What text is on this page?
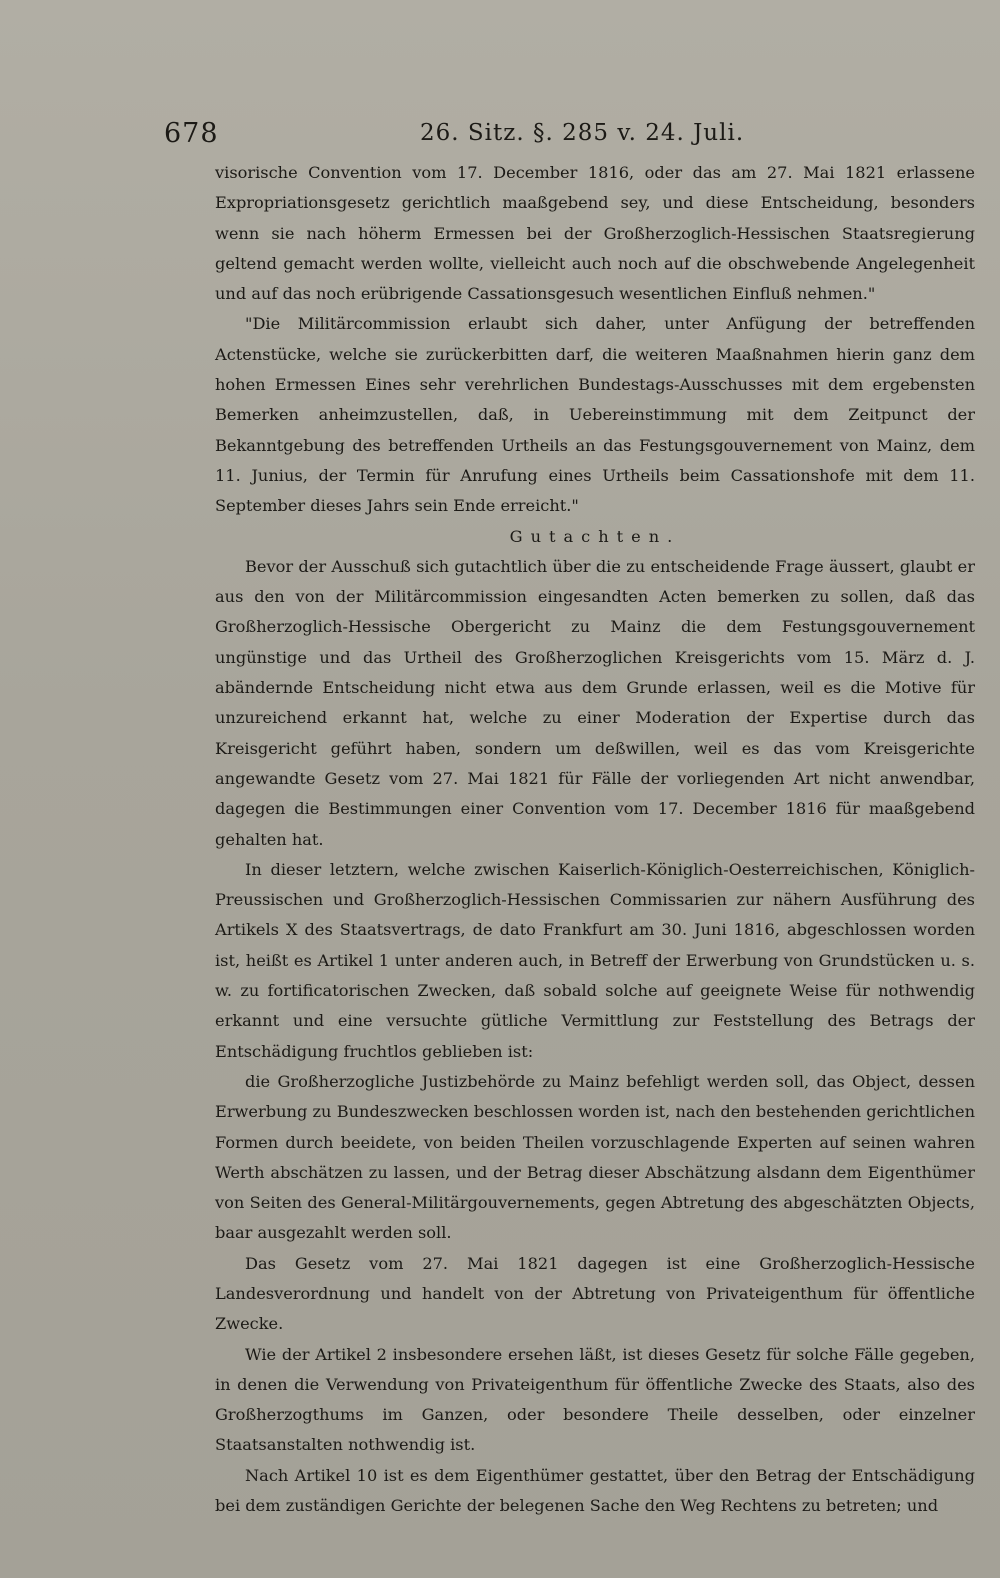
678	26. Sitz. §. 285 v. 24. Juli.

visorische Convention vom 17. December 1816, oder das am 27. Mai 1821 erlassene Expropriationsgesetz gerichtlich maaßgebend sey, und diese Entscheidung, besonders wenn sie nach höherm Ermessen bei der Großherzoglich-Hessischen Staatsregierung geltend gemacht werden wollte, vielleicht auch noch auf die obschwebende Angelegenheit und auf das noch erübrigende Cassationsgesuch wesentlichen Einfluß nehmen."

"Die Militärcommission erlaubt sich daher, unter Anfügung der betreffenden Actenstücke, welche sie zurückerbitten darf, die weiteren Maaßnahmen hierin ganz dem hohen Ermessen Eines sehr verehrlichen Bundestags-Ausschusses mit dem ergebensten Bemerken anheimzustellen, daß, in Uebereinstimmung mit dem Zeitpunct der Bekanntgebung des betreffenden Urtheils an das Festungsgouvernement von Mainz, dem 11. Junius, der Termin für Anrufung eines Urtheils beim Cassationshofe mit dem 11. September dieses Jahrs sein Ende erreicht."

Gutachten.

Bevor der Ausschuß sich gutachtlich über die zu entscheidende Frage äussert, glaubt er aus den von der Militärcommission eingesandten Acten bemerken zu sollen, daß das Großherzoglich-Hessische Obergericht zu Mainz die dem Festungsgouvernement ungünstige und das Urtheil des Großherzoglichen Kreisgerichts vom 15. März d. J. abändernde Entscheidung nicht etwa aus dem Grunde erlassen, weil es die Motive für unzureichend erkannt hat, welche zu einer Moderation der Expertise durch das Kreisgericht geführt haben, sondern um deßwillen, weil es das vom Kreisgerichte angewandte Gesetz vom 27. Mai 1821 für Fälle der vorliegenden Art nicht anwendbar, dagegen die Bestimmungen einer Convention vom 17. December 1816 für maaßgebend gehalten hat.

In dieser letztern, welche zwischen Kaiserlich-Königlich-Oesterreichischen, Königlich-Preussischen und Großherzoglich-Hessischen Commissarien zur nähern Ausführung des Artikels X des Staatsvertrags, de dato Frankfurt am 30. Juni 1816, abgeschlossen worden ist, heißt es Artikel 1 unter anderen auch, in Betreff der Erwerbung von Grundstücken u. s. w. zu fortificatorischen Zwecken, daß sobald solche auf geeignete Weise für nothwendig erkannt und eine versuchte gütliche Vermittlung zur Feststellung des Betrags der Entschädigung fruchtlos geblieben ist:

die Großherzogliche Justizbehörde zu Mainz befehligt werden soll, das Object, dessen Erwerbung zu Bundeszwecken beschlossen worden ist, nach den bestehenden gerichtlichen Formen durch beeidete, von beiden Theilen vorzuschlagende Experten auf seinen wahren Werth abschätzen zu lassen, und der Betrag dieser Abschätzung alsdann dem Eigenthümer von Seiten des General-Militärgouvernements, gegen Abtretung des abgeschätzten Objects, baar ausgezahlt werden soll.

Das Gesetz vom 27. Mai 1821 dagegen ist eine Großherzoglich-Hessische Landesverordnung und handelt von der Abtretung von Privateigenthum für öffentliche Zwecke.

Wie der Artikel 2 insbesondere ersehen läßt, ist dieses Gesetz für solche Fälle gegeben, in denen die Verwendung von Privateigenthum für öffentliche Zwecke des Staats, also des Großherzogthums im Ganzen, oder besondere Theile desselben, oder einzelner Staatsanstalten nothwendig ist.

Nach Artikel 10 ist es dem Eigenthümer gestattet, über den Betrag der Entschädigung bei dem zuständigen Gerichte der belegenen Sache den Weg Rechtens zu betreten; und
